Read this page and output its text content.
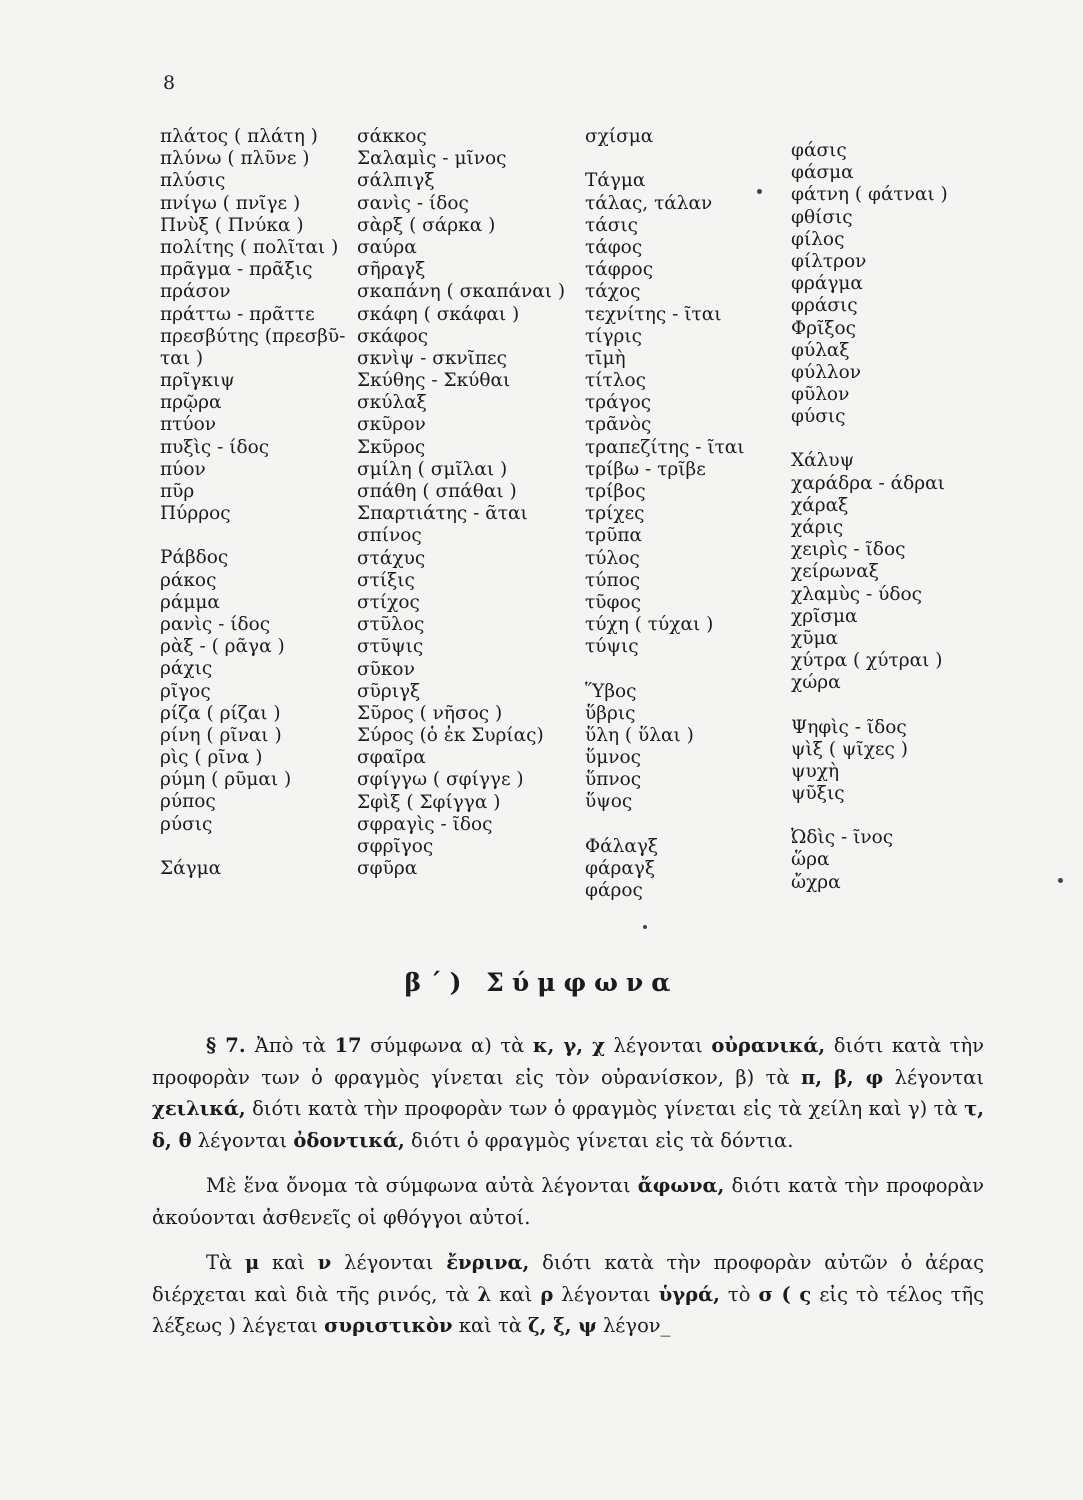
8
πλάτος ( πλάτη )
πλύνω ( πλῦνε )
πλύσις
πνίγω ( πνῖγε )
Πνὺξ ( Πνύκα )
πολίτης ( πολῖται )
πρᾶγμα - πρᾶξις
πράσον
πράττω - πρᾶττε
πρεσβύτης (πρεσβῦ-
ται )
πρῖγκιψ
πρῷρα
πτύον
πυξὶς - ίδος
πύον
πῦρ
Πύρρος
Ράβδος
ράκος
ράμμα
ρανὶς - ίδος
ρὰξ - ( ρᾶγα )
ράχις
ρῖγος
ρίζα ( ρίζαι )
ρίνη ( ρῖναι )
ρὶς ( ρῖνα )
ρύμη ( ρῦμαι )
ρύπος
ρύσις
Σάγμα
σάκκος
Σαλαμὶς - μῖνος
σάλπιγξ
σανὶς - ίδος
σὰρξ ( σάρκα )
σαύρα
σῆραγξ
σκαπάνη ( σκαπάναι )
σκάφη ( σκάφαι )
σκάφος
σκνὶψ - σκνῖπες
Σκύθης - Σκύθαι
σκύλαξ
σκῦρον
Σκῦρος
σμίλη ( σμῖλαι )
σπάθη ( σπάθαι )
Σπαρτιάτης - ᾶται
σπίνος
στάχυς
στίξις
στίχος
στῦλος
στῦψις
σῦκον
σῦριγξ
Σῦρος ( νῆσος )
Σύρος (ὁ ἐκ Συρίας)
σφαῖρα
σφίγγω ( σφίγγε )
Σφὶξ ( Σφίγγα )
σφραγὶς - ῖδος
σφρῖγος
σφῦρα
σχίσμα
Τάγμα
τάλας, τάλαν
τάσις
τάφος
τάφρος
τάχος
τεχνίτης - ῖται
τίγρις
τῑμὴ
τίτλος
τράγος
τρᾶνὸς
τραπεζίτης - ῖται
τρίβω - τρῖβε
τρίβος
τρίχες
τρῦπα
τύλος
τύπος
τῦφος
τύχη ( τύχαι )
τύψις
Ὕβος
ὕβρις
ὕλη ( ὕλαι )
ὕμνος
ὕπνος
ὕψος
Φάλαγξ
φάραγξ
φάρος
φάσις
φάσμα
φάτνη ( φάτναι )
φθίσις
φίλος
φίλτρον
φράγμα
φράσις
Φρῖξος
φύλαξ
φύλλον
φῦλον
φύσις
Χάλυψ
χαράδρα - άδραι
χάραξ
χάρις
χειρὶς - ῖδος
χείρωναξ
χλαμὺς - ύδος
χρῖσμα
χῦμα
χύτρα ( χύτραι )
χώρα
Ψηφὶς - ῖδος
ψὶξ ( ψῖχες )
ψυχὴ
ψῦξις
Ὠδὶς - ῖνος
ὥρα
ὤχρα
β΄) Σύμφωνα

§ 7. Ἀπὸ τὰ 17 σύμφωνα α) τὰ κ, γ, χ λέγονται οὐρανικά, διότι κατὰ τὴν προφορὰν των ὁ φραγμὸς γίνεται εἰς τὸν οὐρανίσκον, β) τὰ π, β, φ λέγονται χειλικά, διότι κατὰ τὴν προφορὰν των ὁ φραγμὸς γίνεται εἰς τὰ χείλη καὶ γ) τὰ τ, δ, θ λέγονται ὀδοντικά, διότι ὁ φραγμὸς γίνεται εἰς τὰ δόντια.

Μὲ ἕνα ὄνομα τὰ σύμφωνα αὐτὰ λέγονται ἄφωνα, διότι κατὰ τὴν προφορὰν ἀκούονται ἀσθενεῖς οἱ φθόγγοι αὐτοί.

Τὰ μ καὶ ν λέγονται ἔνρινα, διότι κατὰ τὴν προφορὰν αὐτῶν ὁ ἀέρας διέρχεται καὶ διὰ τῆς ρινός, τὰ λ καὶ ρ λέγονται ὑγρά, τὸ σ ( ς εἰς τὸ τέλος τῆς λέξεως ) λέγεται συριστικὸν καὶ τὰ ζ, ξ, ψ λέγον_
